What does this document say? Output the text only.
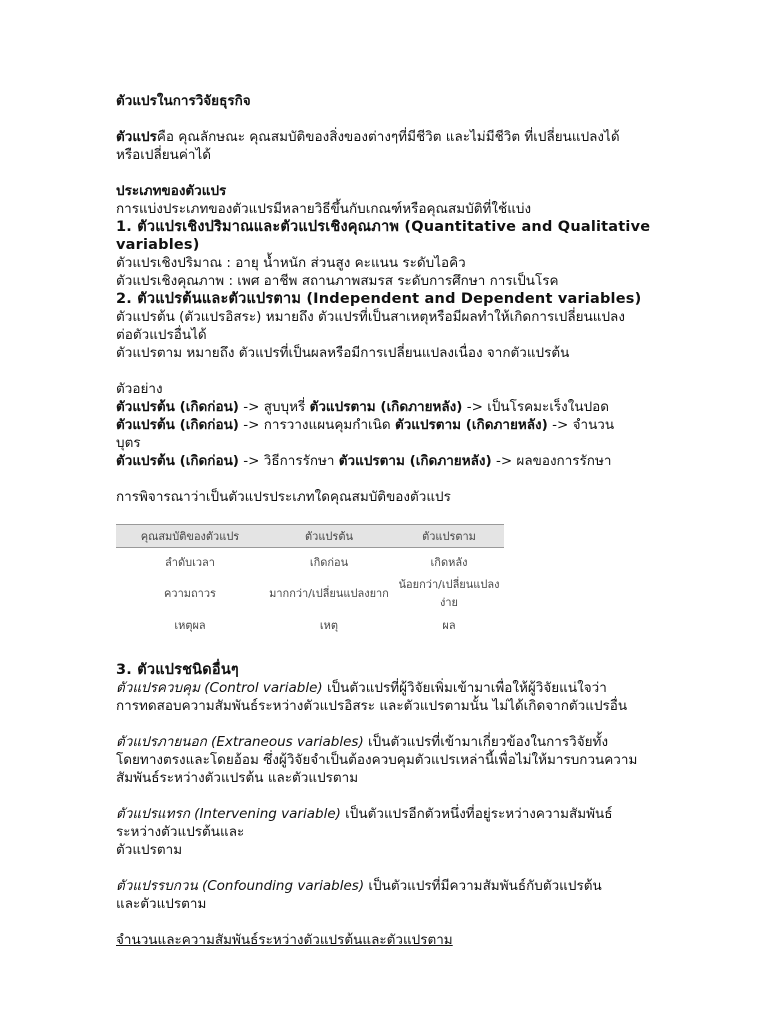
ตัวแปรในการวิจัยธุรกิจ

ตัวแปรคือ คุณลักษณะ คุณสมบัติของสิ่งของต่างๆที่มีชีวิต และไม่มีชีวิต ที่เปลี่ยนแปลงได้

หรือเปลี่ยนค่าได้

ประเภทของตัวแปร

การแบ่งประเภทของตัวแปรมีหลายวิธีขึ้นกับเกณฑ์หรือคุณสมบัติที่ใช้แบ่ง

1. ตัวแปรเชิงปริมาณและตัวแปรเชิงคุณภาพ (Quantitative and Qualitative

variables)

ตัวแปรเชิงปริมาณ : อายุ น้ำหนัก ส่วนสูง คะแนน ระดับไอคิว

ตัวแปรเชิงคุณภาพ : เพศ อาชีพ สถานภาพสมรส ระดับการศึกษา การเป็นโรค

2. ตัวแปรต้นและตัวแปรตาม (Independent and Dependent variables)

ตัวแปรต้น (ตัวแปรอิสระ) หมายถึง ตัวแปรที่เป็นสาเหตุหรือมีผลทำให้เกิดการเปลี่ยนแปลง

ต่อตัวแปรอื่นได้

ตัวแปรตาม หมายถึง ตัวแปรที่เป็นผลหรือมีการเปลี่ยนแปลงเนื่อง จากตัวแปรต้น

ตัวอย่าง

ตัวแปรต้น (เกิดก่อน) -> สูบบุหรี่ ตัวแปรตาม (เกิดภายหลัง) -> เป็นโรคมะเร็งในปอด

ตัวแปรต้น (เกิดก่อน) -> การวางแผนคุมกำเนิด ตัวแปรตาม (เกิดภายหลัง) -> จำนวน

บุตร

ตัวแปรต้น (เกิดก่อน) -> วิธีการรักษา ตัวแปรตาม (เกิดภายหลัง) -> ผลของการรักษา

การพิจารณาว่าเป็นตัวแปรประเภทใดคุณสมบัติของตัวแปร

คุณสมบัติของตัวแปร	ตัวแปรต้น	ตัวแปรตาม
ลำดับเวลา	เกิดก่อน	เกิดหลัง
ความถาวร	มากกว่า/เปลี่ยนแปลงยาก	น้อยกว่า/เปลี่ยนแปลงง่าย
เหตุผล	เหตุ	ผล

3. ตัวแปรชนิดอื่นๆ

ตัวแปรควบคุม (Control variable) เป็นตัวแปรที่ผู้วิจัยเพิ่มเข้ามาเพื่อให้ผู้วิจัยแน่ใจว่า

การทดสอบความสัมพันธ์ระหว่างตัวแปรอิสระ และตัวแปรตามนั้น ไม่ได้เกิดจากตัวแปรอื่น

ตัวแปรภายนอก (Extraneous variables) เป็นตัวแปรที่เข้ามาเกี่ยวข้องในการวิจัยทั้ง

โดยทางตรงและโดยอ้อม ซึ่งผู้วิจัยจำเป็นต้องควบคุมตัวแปรเหล่านี้เพื่อไม่ให้มารบกวนความ

สัมพันธ์ระหว่างตัวแปรต้น และตัวแปรตาม

ตัวแปรแทรก (Intervening variable) เป็นตัวแปรอีกตัวหนึ่งที่อยู่ระหว่างความสัมพันธ์

ระหว่างตัวแปรต้นและ

ตัวแปรตาม

ตัวแปรรบกวน (Confounding variables) เป็นตัวแปรที่มีความสัมพันธ์กับตัวแปรต้น

และตัวแปรตาม

จำนวนและความสัมพันธ์ระหว่างตัวแปรต้นและตัวแปรตาม
